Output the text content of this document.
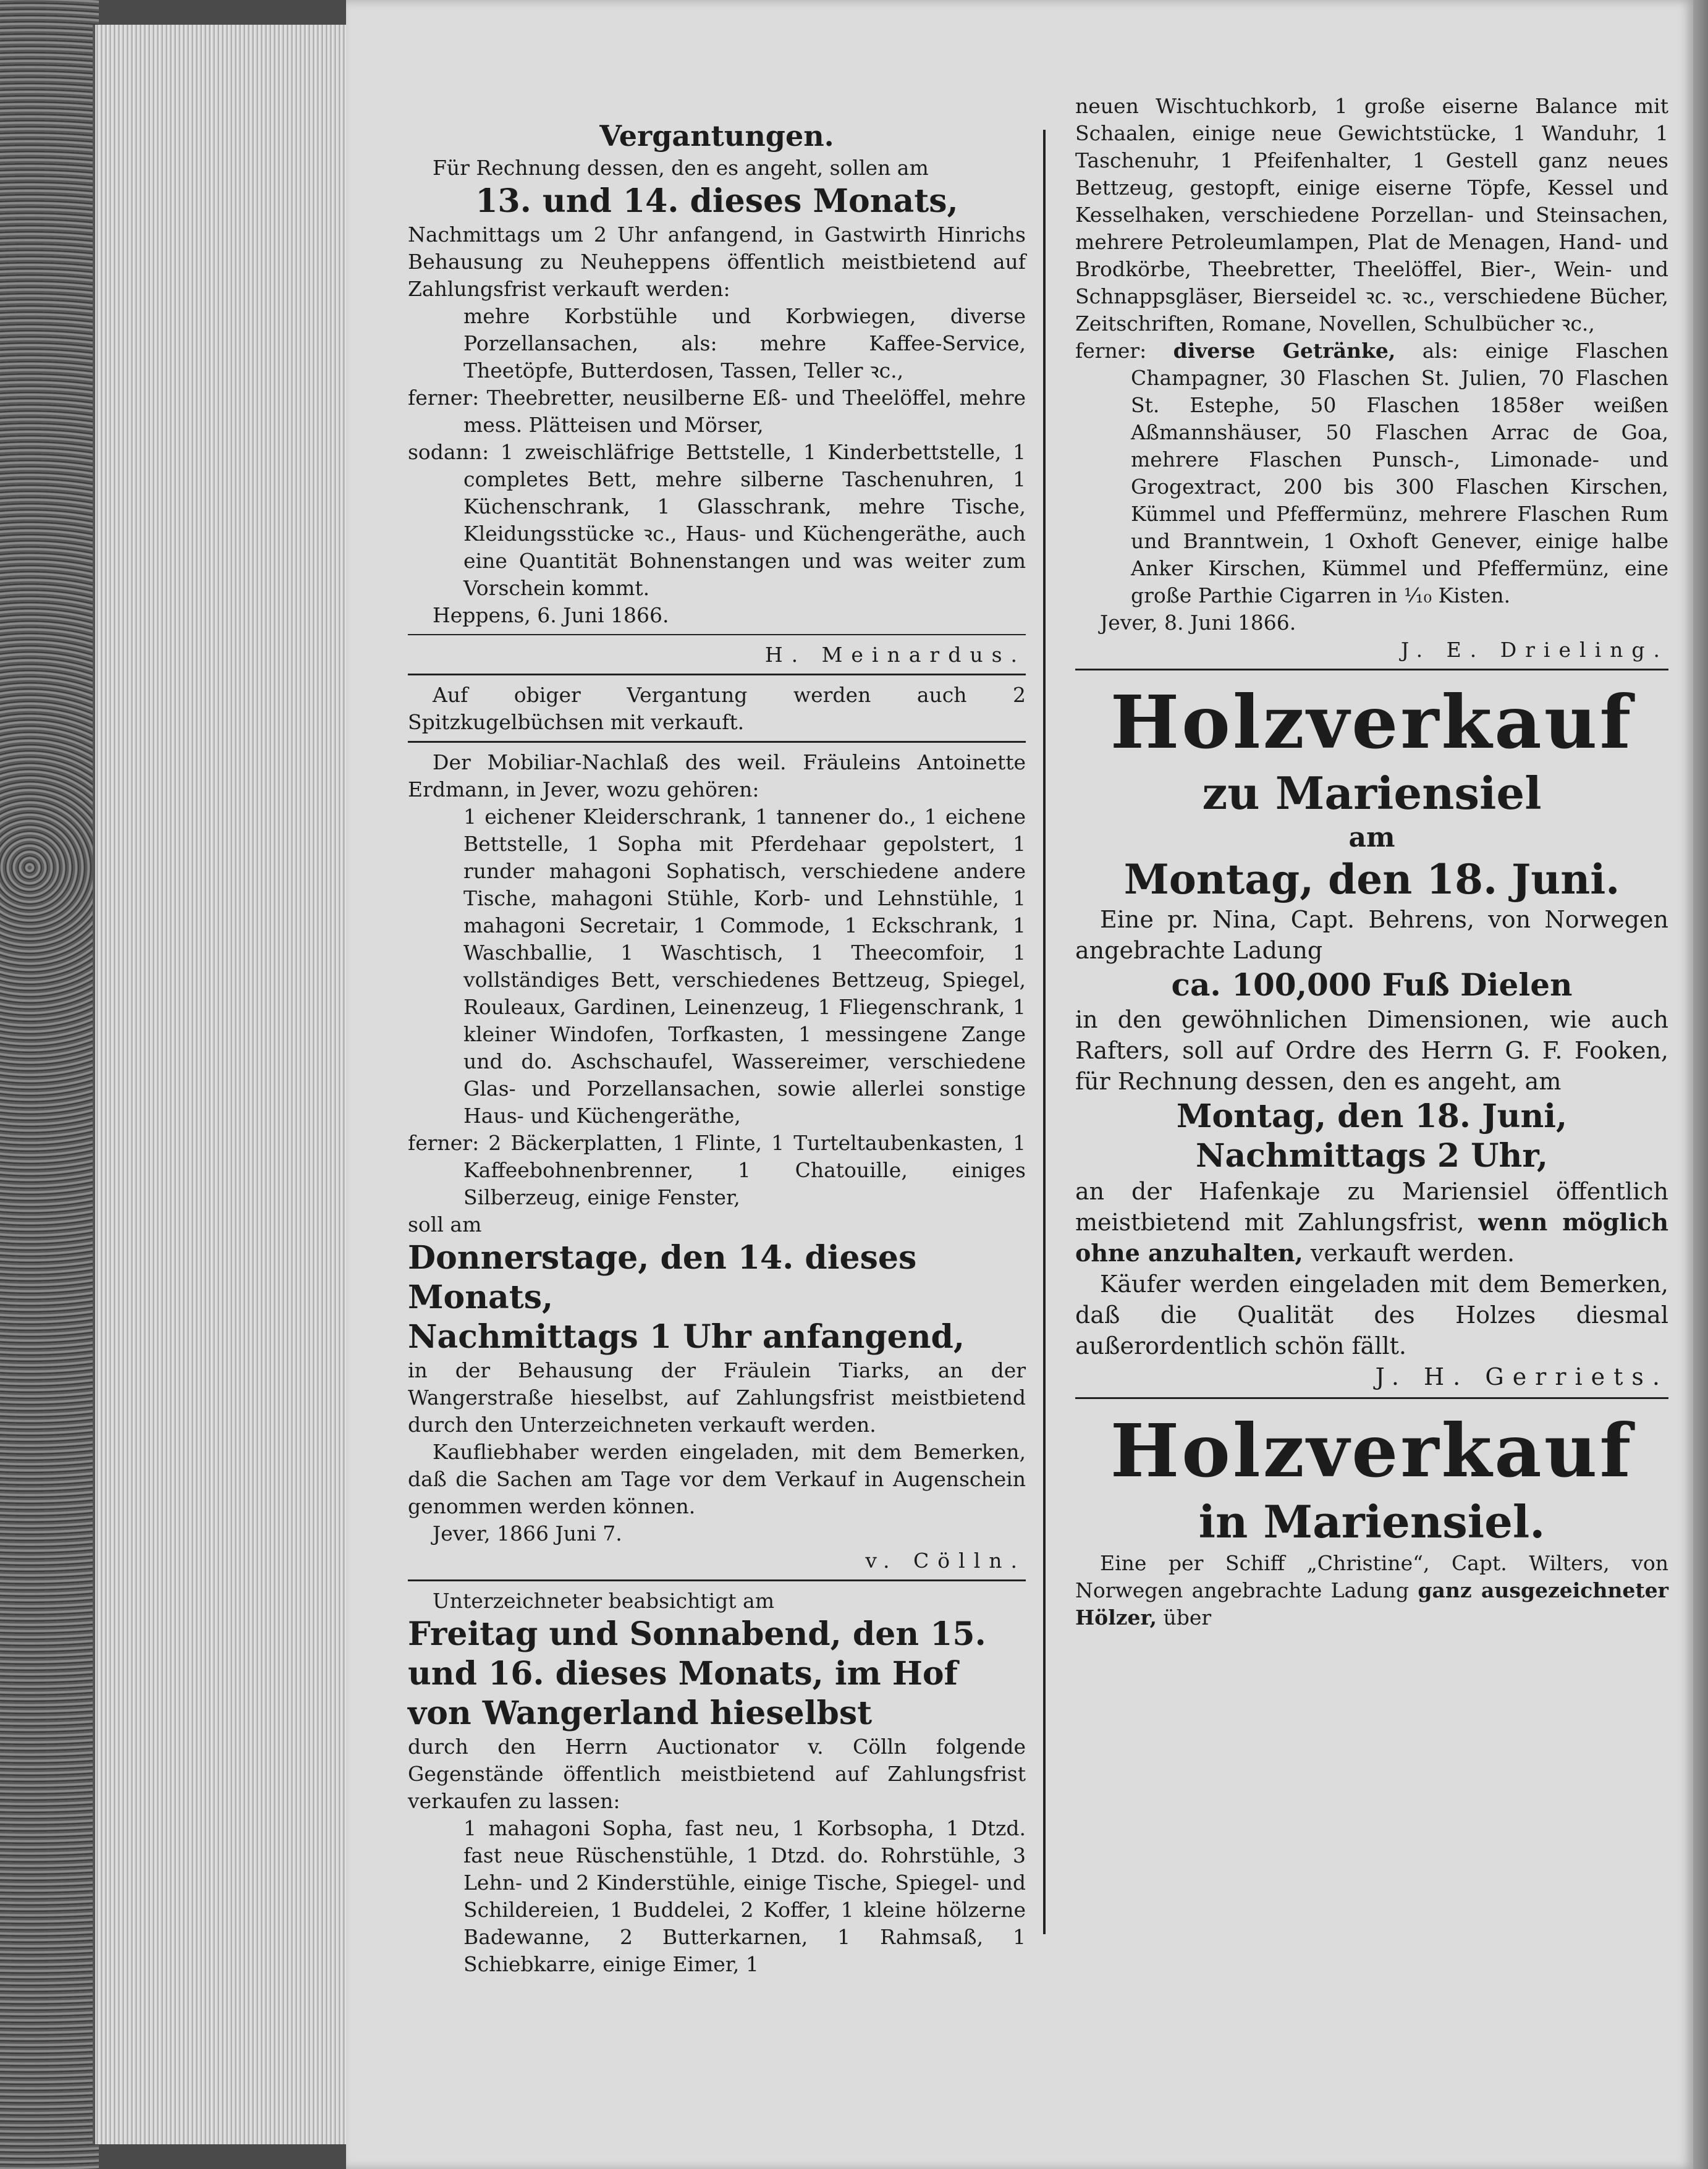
Vergantungen.

Für Rechnung dessen, den es angeht, sollen am

13. und 14. dieses Monats,

Nachmittags um 2 Uhr anfangend, in Gastwirth Hinrichs Behausung zu Neuheppens öffentlich meistbietend auf Zahlungsfrist verkauft werden:

mehre Korbstühle und Korbwiegen, diverse Porzellansachen, als: mehre Kaffee-Service, Theetöpfe, Butterdosen, Tassen, Teller ꝛc.,

ferner: Theebretter, neusilberne Eß- und Theelöffel, mehre mess. Plätteisen und Mörser,

sodann: 1 zweischläfrige Bettstelle, 1 Kinderbettstelle, 1 completes Bett, mehre silberne Taschenuhren, 1 Küchenschrank, 1 Glasschrank, mehre Tische, Kleidungsstücke ꝛc., Haus- und Küchengeräthe, auch eine Quantität Bohnenstangen und was weiter zum Vorschein kommt.

Heppens, 6. Juni 1866.

H. Meinardus.

Auf obiger Vergantung werden auch 2 Spitzkugelbüchsen mit verkauft.

Der Mobiliar-Nachlaß des weil. Fräuleins Antoinette Erdmann, in Jever, wozu gehören:

1 eichener Kleiderschrank, 1 tannener do., 1 eichene Bettstelle, 1 Sopha mit Pferdehaar gepolstert, 1 runder mahagoni Sophatisch, verschiedene andere Tische, mahagoni Stühle, Korb- und Lehnstühle, 1 mahagoni Secretair, 1 Commode, 1 Eckschrank, 1 Waschballie, 1 Waschtisch, 1 Theecomfoir, 1 vollständiges Bett, verschiedenes Bettzeug, Spiegel, Rouleaux, Gardinen, Leinenzeug, 1 Fliegenschrank, 1 kleiner Windofen, Torfkasten, 1 messingene Zange und do. Aschschaufel, Wassereimer, verschiedene Glas- und Porzellansachen, sowie allerlei sonstige Haus- und Küchengeräthe,

ferner: 2 Bäckerplatten, 1 Flinte, 1 Turteltaubenkasten, 1 Kaffeebohnenbrenner, 1 Chatouille, einiges Silberzeug, einige Fenster,

soll am

Donnerstage, den 14. dieses Monats,

Nachmittags 1 Uhr anfangend,

in der Behausung der Fräulein Tiarks, an der Wangerstraße hieselbst, auf Zahlungsfrist meistbietend durch den Unterzeichneten verkauft werden.

Kaufliebhaber werden eingeladen, mit dem Bemerken, daß die Sachen am Tage vor dem Verkauf in Augenschein genommen werden können.

Jever, 1866 Juni 7.

v. Cölln.

Unterzeichneter beabsichtigt am

Freitag und Sonnabend, den 15. und 16. dieses Monats, im Hof von Wangerland hieselbst

durch den Herrn Auctionator v. Cölln folgende Gegenstände öffentlich meistbietend auf Zahlungsfrist verkaufen zu lassen:

1 mahagoni Sopha, fast neu, 1 Korbsopha, 1 Dtzd. fast neue Rüschenstühle, 1 Dtzd. do. Rohrstühle, 3 Lehn- und 2 Kinderstühle, einige Tische, Spiegel- und Schildereien, 1 Buddelei, 2 Koffer, 1 kleine hölzerne Badewanne, 2 Butterkarnen, 1 Rahmsaß, 1 Schiebkarre, einige Eimer, 1

neuen Wischtuchkorb, 1 große eiserne Balance mit Schaalen, einige neue Gewichtstücke, 1 Wanduhr, 1 Taschenuhr, 1 Pfeifenhalter, 1 Gestell ganz neues Bettzeug, gestopft, einige eiserne Töpfe, Kessel und Kesselhaken, verschiedene Porzellan- und Steinsachen, mehrere Petroleumlampen, Plat de Menagen, Hand- und Brodkörbe, Theebretter, Theelöffel, Bier-, Wein- und Schnappsgläser, Bierseidel ꝛc. ꝛc., verschiedene Bücher, Zeitschriften, Romane, Novellen, Schulbücher ꝛc.,

ferner: diverse Getränke, als: einige Flaschen Champagner, 30 Flaschen St. Julien, 70 Flaschen St. Estephe, 50 Flaschen 1858er weißen Aßmannshäuser, 50 Flaschen Arrac de Goa, mehrere Flaschen Punsch-, Limonade- und Grogextract, 200 bis 300 Flaschen Kirschen, Kümmel und Pfeffermünz, mehrere Flaschen Rum und Branntwein, 1 Oxhoft Genever, einige halbe Anker Kirschen, Kümmel und Pfeffermünz, eine große Parthie Cigarren in ¹⁄₁₀ Kisten.

Jever, 8. Juni 1866.

J. E. Drieling.

Holzverkauf

zu Mariensiel

am

Montag, den 18. Juni.

Eine pr. Nina, Capt. Behrens, von Norwegen angebrachte Ladung

ca. 100,000 Fuß Dielen

in den gewöhnlichen Dimensionen, wie auch Rafters, soll auf Ordre des Herrn G. F. Fooken, für Rechnung dessen, den es angeht, am

Montag, den 18. Juni,

Nachmittags 2 Uhr,

an der Hafenkaje zu Mariensiel öffentlich meistbietend mit Zahlungsfrist, wenn möglich ohne anzuhalten, verkauft werden.

Käufer werden eingeladen mit dem Bemerken, daß die Qualität des Holzes diesmal außerordentlich schön fällt.

J. H. Gerriets.

Holzverkauf

in Mariensiel.

Eine per Schiff „Christine“, Capt. Wilters, von Norwegen angebrachte Ladung ganz ausgezeichneter Hölzer, über
